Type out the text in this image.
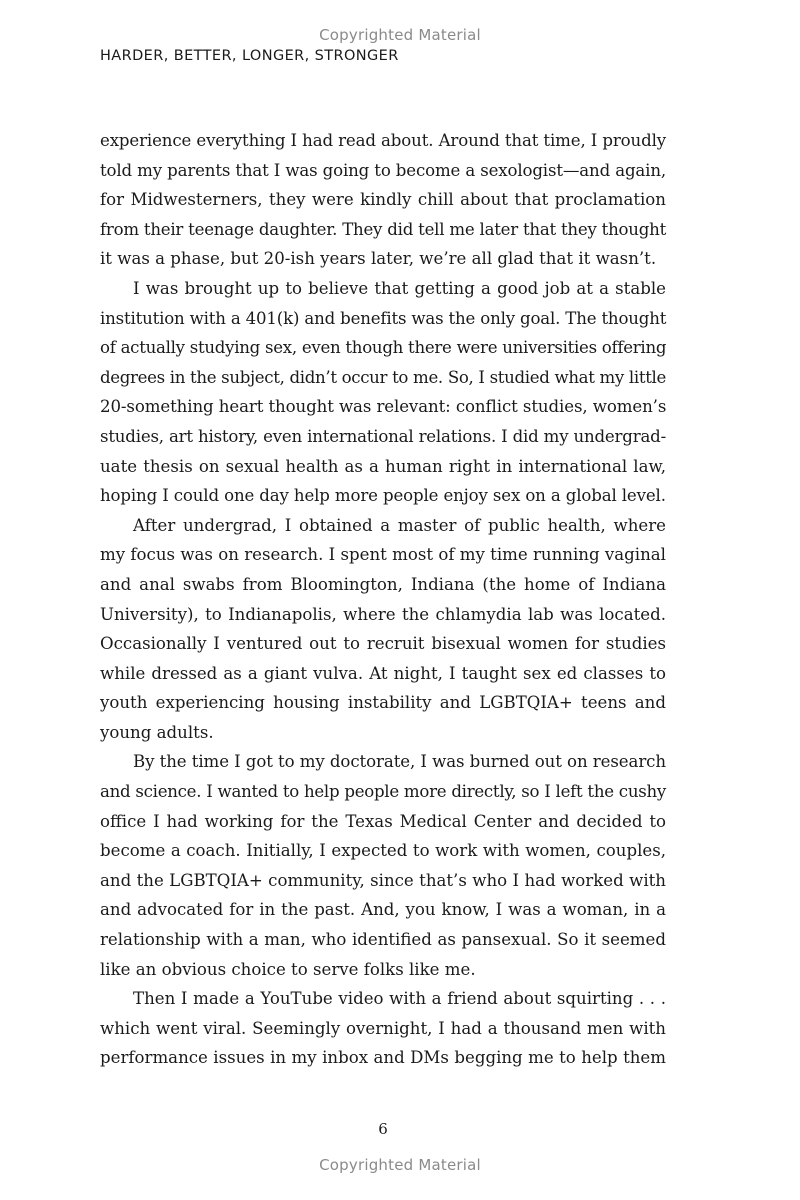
Copyrighted Material
HARDER, BETTER, LONGER, STRONGER

experience everything I had read about. Around that time, I proudly
told my parents that I was going to become a sexologist—and again,
for Midwesterners, they were kindly chill about that proclamation
from their teenage daughter. They did tell me later that they thought
it was a phase, but 20-ish years later, we’re all glad that it wasn’t.

I was brought up to believe that getting a good job at a stable
institution with a 401(k) and benefits was the only goal. The thought
of actually studying sex, even though there were universities offering
degrees in the subject, didn’t occur to me. So, I studied what my little
20-something heart thought was relevant: conflict studies, women’s
studies, art history, even international relations. I did my undergrad-
uate thesis on sexual health as a human right in international law,
hoping I could one day help more people enjoy sex on a global level.

After undergrad, I obtained a master of public health, where
my focus was on research. I spent most of my time running vaginal
and anal swabs from Bloomington, Indiana (the home of Indiana
University), to Indianapolis, where the chlamydia lab was located.
Occasionally I ventured out to recruit bisexual women for studies
while dressed as a giant vulva. At night, I taught sex ed classes to
youth experiencing housing instability and LGBTQIA+ teens and
young adults.

By the time I got to my doctorate, I was burned out on research
and science. I wanted to help people more directly, so I left the cushy
office I had working for the Texas Medical Center and decided to
become a coach. Initially, I expected to work with women, couples,
and the LGBTQIA+ community, since that’s who I had worked with
and advocated for in the past. And, you know, I was a woman, in a
relationship with a man, who identified as pansexual. So it seemed
like an obvious choice to serve folks like me.

Then I made a YouTube video with a friend about squirting . . .
which went viral. Seemingly overnight, I had a thousand men with
performance issues in my inbox and DMs begging me to help them

6
Copyrighted Material
